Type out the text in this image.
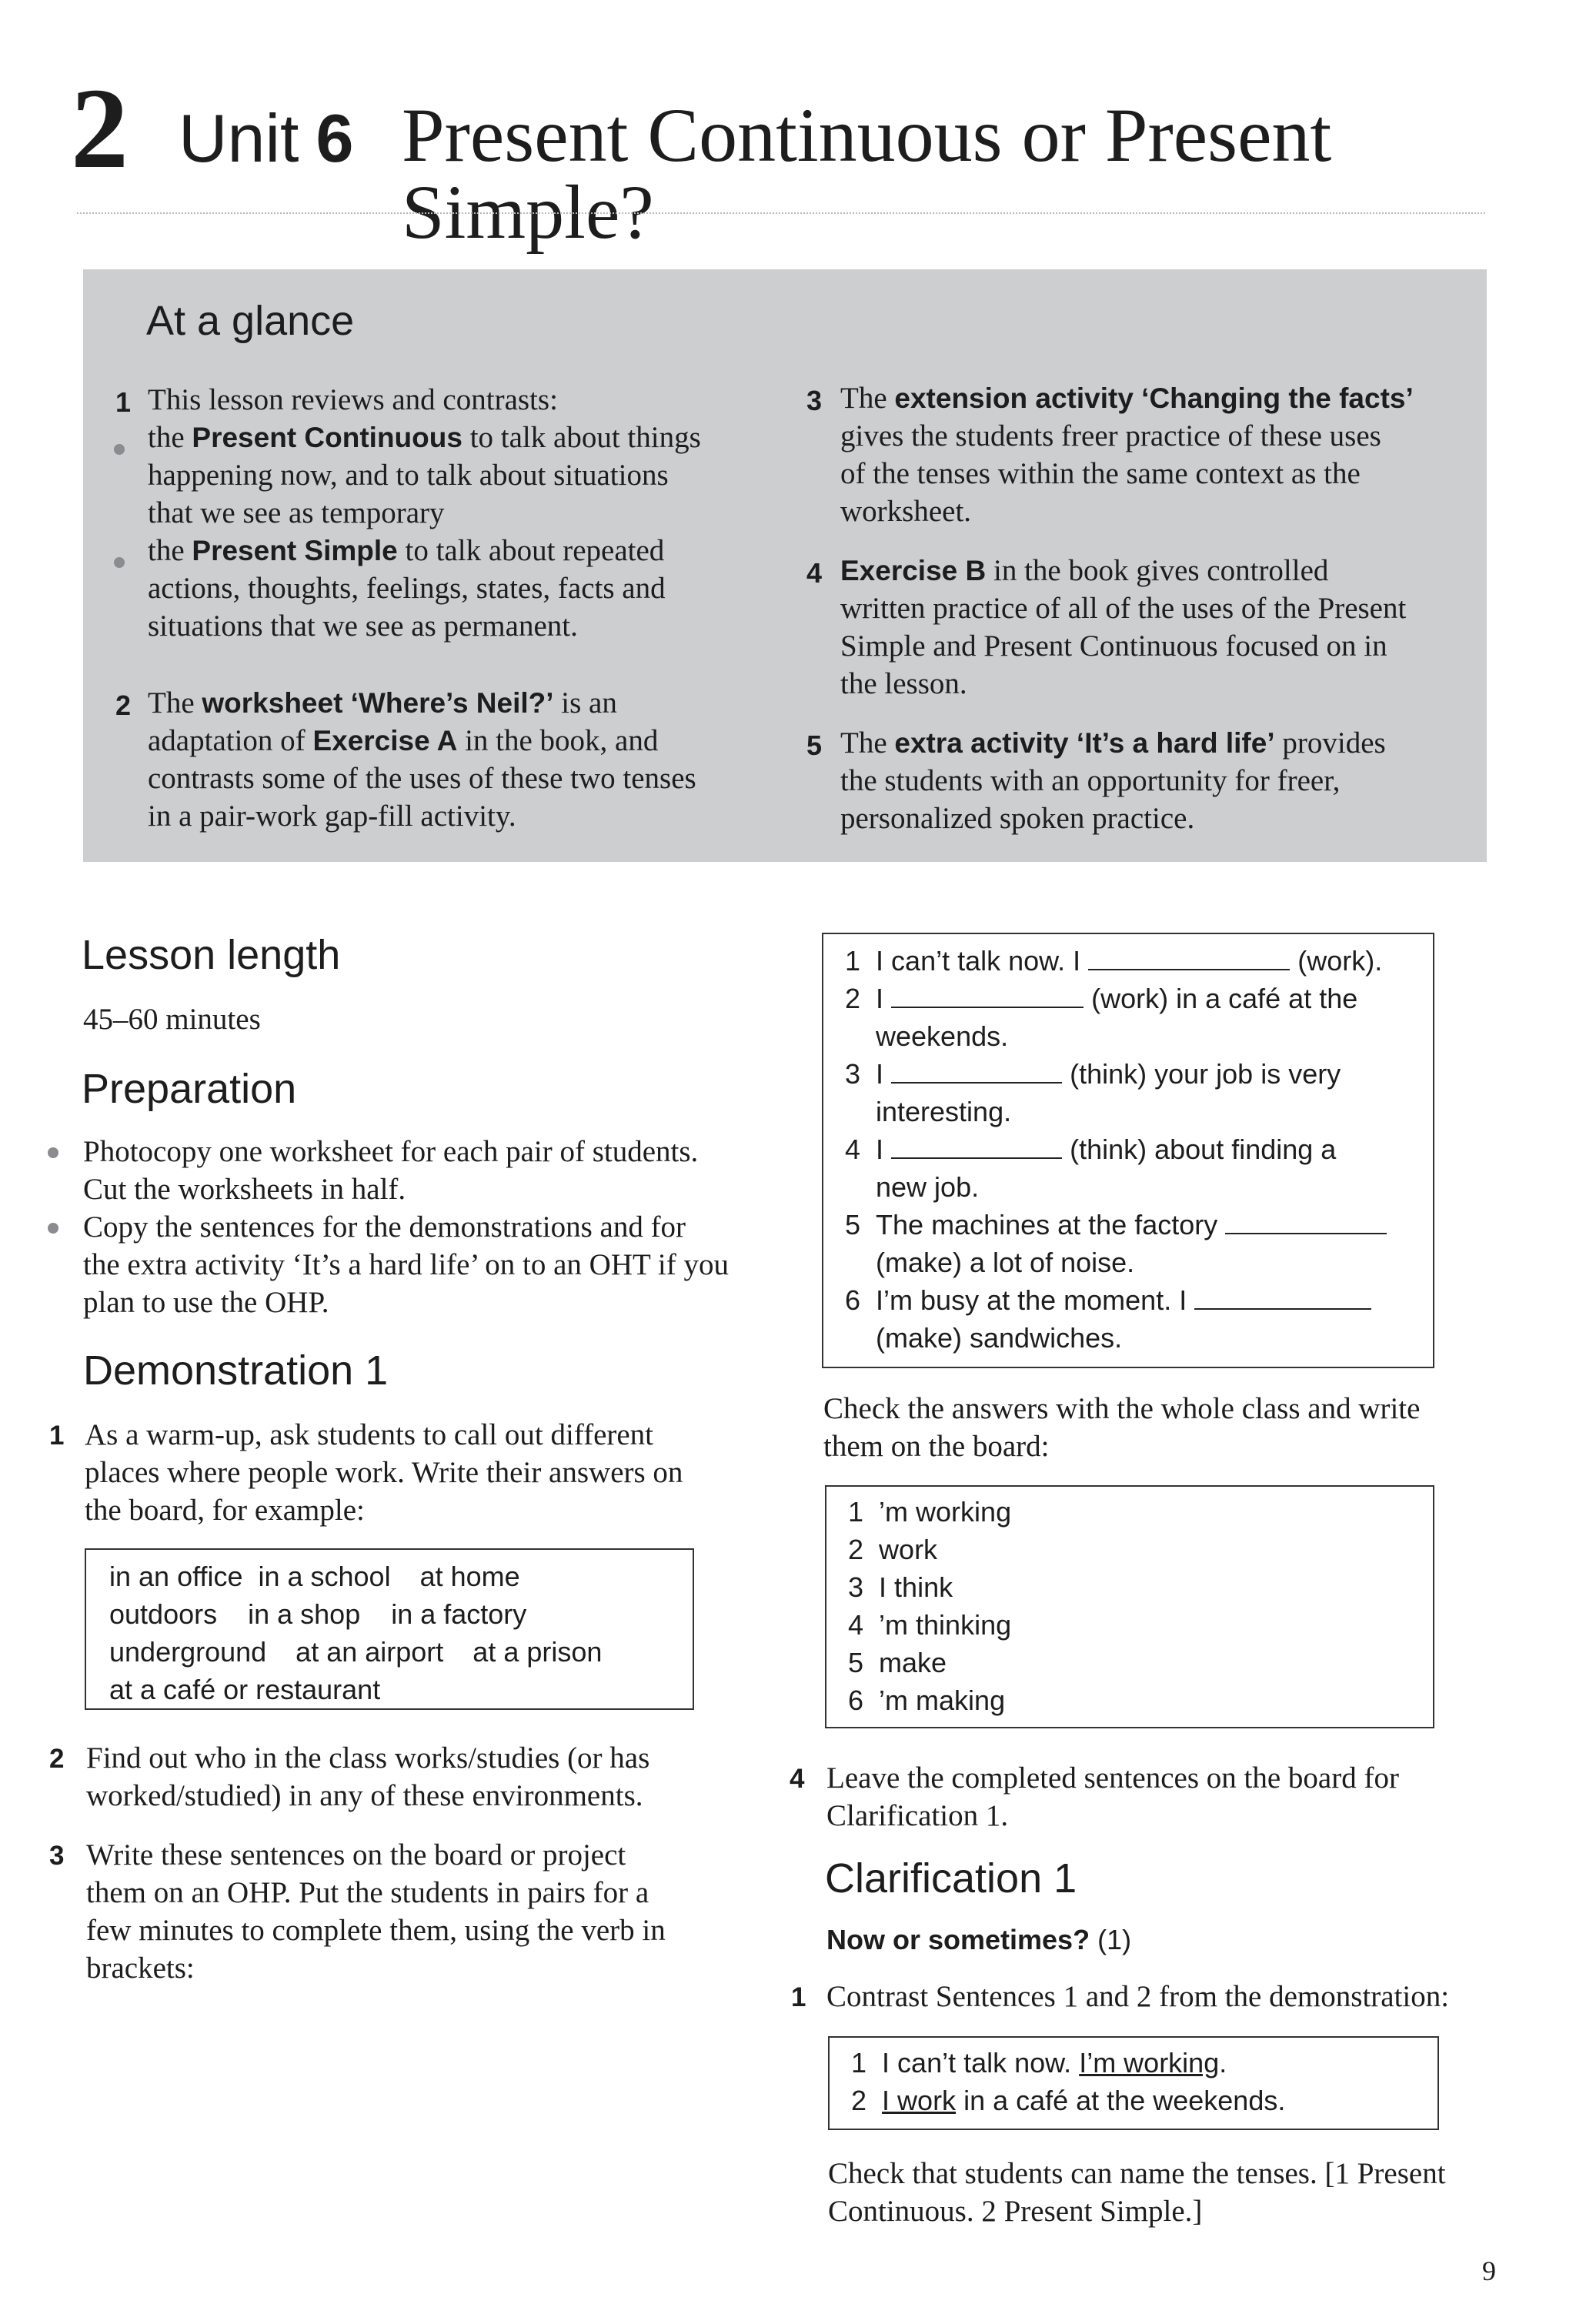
2 Unit 6 Present Continuous or Present Simple?
At a glance
1 This lesson reviews and contrasts:
the Present Continuous to talk about things
happening now, and to talk about situations
that we see as temporary
the Present Simple to talk about repeated
actions, thoughts, feelings, states, facts and
situations that we see as permanent.
2 The worksheet ‘Where’s Neil?’ is an
adaptation of Exercise A in the book, and
contrasts some of the uses of these two tenses
in a pair-work gap-fill activity.
3 The extension activity ‘Changing the facts’
gives the students freer practice of these uses
of the tenses within the same context as the
worksheet.
4 Exercise B in the book gives controlled
written practice of all of the uses of the Present
Simple and Present Continuous focused on in
the lesson.
5 The extra activity ‘It’s a hard life’ provides
the students with an opportunity for freer,
personalized spoken practice.
Lesson length
45–60 minutes
Preparation
Photocopy one worksheet for each pair of students.
Cut the worksheets in half.
Copy the sentences for the demonstrations and for
the extra activity ‘It’s a hard life’ on to an OHT if you
plan to use the OHP.
Demonstration 1
1 As a warm-up, ask students to call out different
places where people work. Write their answers on
the board, for example:
in an office in a school at home
outdoors in a shop in a factory
underground at an airport at a prison
at a café or restaurant
2 Find out who in the class works/studies (or has
worked/studied) in any of these environments.
3 Write these sentences on the board or project
them on an OHP. Put the students in pairs for a
few minutes to complete them, using the verb in
brackets:
1 I can’t talk now. I	(work).
2 I	(work) in a café at the
weekends.
3 I	(think) your job is very
interesting.
4 I	(think) about finding a
new job.
5 The machines at the factory
(make) a lot of noise.
6 I’m busy at the moment. I
(make) sandwiches.
Check the answers with the whole class and write
them on the board:
1 ’m working
2 work
3 I think
4 ’m thinking
5 make
6 ’m making
4 Leave the completed sentences on the board for
Clarification 1.
Clarification 1
Now or sometimes? (1)
1 Contrast Sentences 1 and 2 from the demonstration:
1 I can’t talk now. I’m working.
2 I work in a café at the weekends.
Check that students can name the tenses. [1 Present
Continuous. 2 Present Simple.]
9
